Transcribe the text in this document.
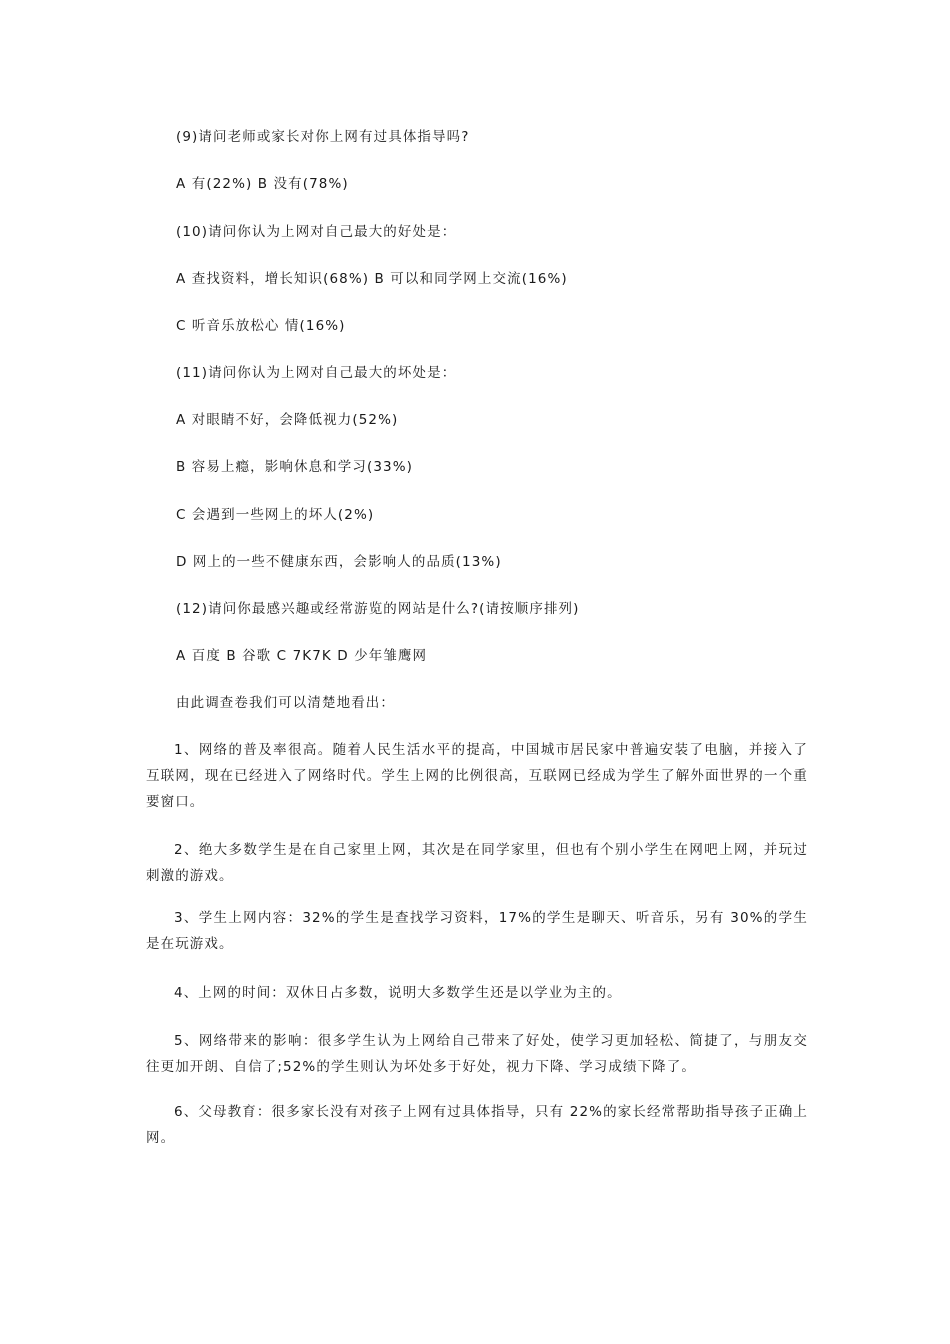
(9)请问老师或家长对你上网有过具体指导吗?
A 有(22%) B 没有(78%)
(10)请问你认为上网对自己最大的好处是：
A 查找资料，增长知识(68%) B 可以和同学网上交流(16%)
C 听音乐放松心 情(16%)
(11)请问你认为上网对自己最大的坏处是：
A 对眼睛不好，会降低视力(52%)
B 容易上瘾，影响休息和学习(33%)
C 会遇到一些网上的坏人(2%)
D 网上的一些不健康东西，会影响人的品质(13%)
(12)请问你最感兴趣或经常游览的网站是什么?(请按顺序排列)
A 百度 B 谷歌 C 7K7K D 少年雏鹰网
由此调查卷我们可以清楚地看出：
1、网络的普及率很高。随着人民生活水平的提高，中国城市居民家中普遍安装了电脑，并接入了互联网，现在已经进入了网络时代。学生上网的比例很高，互联网已经成为学生了解外面世界的一个重要窗口。
2、绝大多数学生是在自己家里上网，其次是在同学家里，但也有个别小学生在网吧上网，并玩过刺激的游戏。
3、学生上网内容：32%的学生是查找学习资料，17%的学生是聊天、听音乐，另有 30%的学生是在玩游戏。
4、上网的时间：双休日占多数，说明大多数学生还是以学业为主的。
5、网络带来的影响：很多学生认为上网给自己带来了好处，使学习更加轻松、简捷了，与朋友交往更加开朗、自信了;52%的学生则认为坏处多于好处，视力下降、学习成绩下降了。
6、父母教育：很多家长没有对孩子上网有过具体指导，只有 22%的家长经常帮助指导孩子正确上网。
